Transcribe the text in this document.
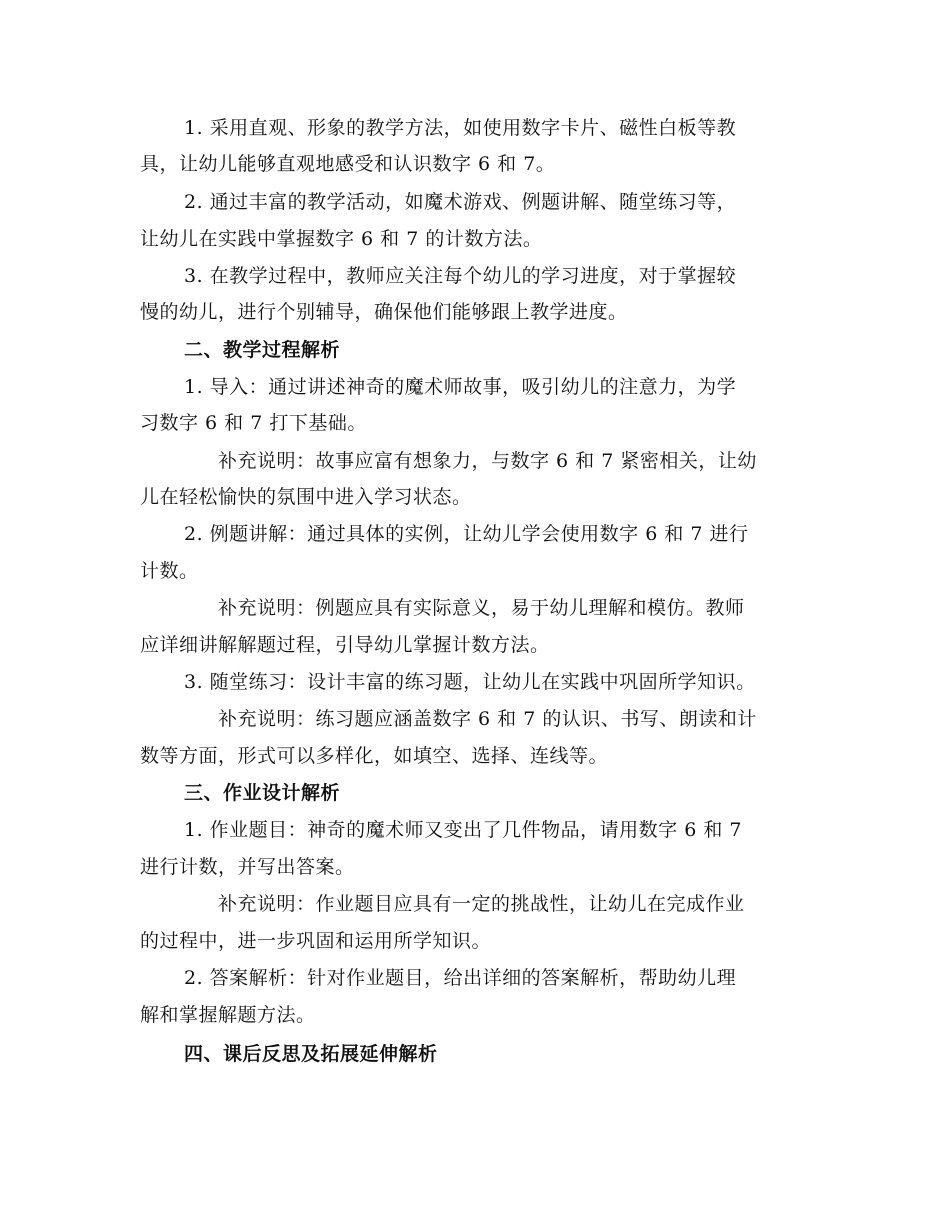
1. 采用直观、形象的教学方法，如使用数字卡片、磁性白板等教
具，让幼儿能够直观地感受和认识数字 6 和 7。
2. 通过丰富的教学活动，如魔术游戏、例题讲解、随堂练习等，
让幼儿在实践中掌握数字 6 和 7 的计数方法。
3. 在教学过程中，教师应关注每个幼儿的学习进度，对于掌握较
慢的幼儿，进行个别辅导，确保他们能够跟上教学进度。
二、教学过程解析
1. 导入：通过讲述神奇的魔术师故事，吸引幼儿的注意力，为学
习数字 6 和 7 打下基础。
补充说明：故事应富有想象力，与数字 6 和 7 紧密相关，让幼
儿在轻松愉快的氛围中进入学习状态。
2. 例题讲解：通过具体的实例，让幼儿学会使用数字 6 和 7 进行
计数。
补充说明：例题应具有实际意义，易于幼儿理解和模仿。教师
应详细讲解解题过程，引导幼儿掌握计数方法。
3. 随堂练习：设计丰富的练习题，让幼儿在实践中巩固所学知识。
补充说明：练习题应涵盖数字 6 和 7 的认识、书写、朗读和计
数等方面，形式可以多样化，如填空、选择、连线等。
三、作业设计解析
1. 作业题目：神奇的魔术师又变出了几件物品，请用数字 6 和 7
进行计数，并写出答案。
补充说明：作业题目应具有一定的挑战性，让幼儿在完成作业
的过程中，进一步巩固和运用所学知识。
2. 答案解析：针对作业题目，给出详细的答案解析，帮助幼儿理
解和掌握解题方法。
四、课后反思及拓展延伸解析
